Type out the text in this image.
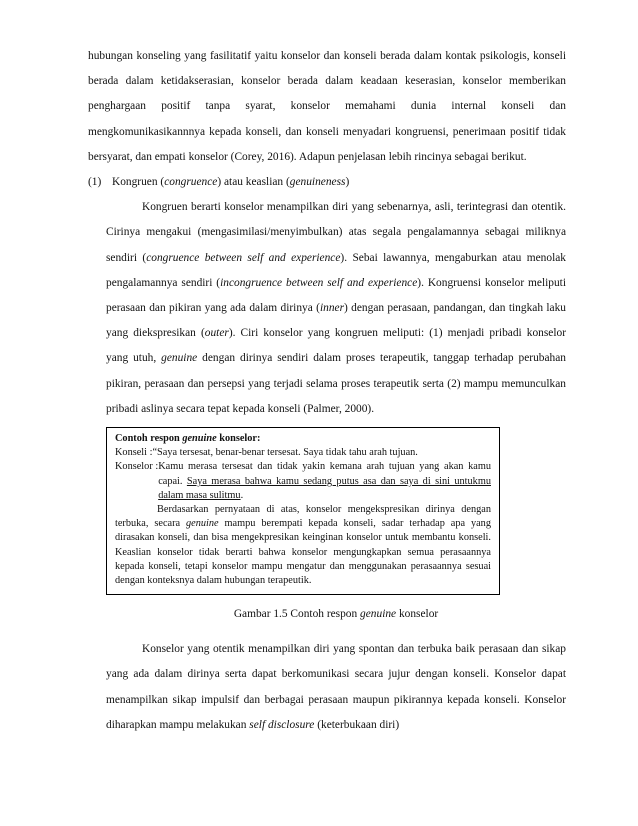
hubungan konseling yang fasilitatif yaitu konselor dan konseli berada dalam kontak psikologis, konseli berada dalam ketidakserasian, konselor berada dalam keadaan keserasian, konselor memberikan penghargaan positif tanpa syarat, konselor memahami dunia internal konseli dan mengkomunikasikannnya kepada konseli, dan konseli menyadari kongruensi, penerimaan positif tidak bersyarat, dan empati konselor (Corey, 2016). Adapun penjelasan lebih rincinya sebagai berikut.

(1) Kongruen (congruence) atau keaslian (genuineness)

Kongruen berarti konselor menampilkan diri yang sebenarnya, asli, terintegrasi dan otentik. Cirinya mengakui (mengasimilasi/menyimbulkan) atas segala pengalamannya sebagai miliknya sendiri (congruence between self and experience). Sebai lawannya, mengaburkan atau menolak pengalamannya sendiri (incongruence between self and experience). Kongruensi konselor meliputi perasaan dan pikiran yang ada dalam dirinya (inner) dengan perasaan, pandangan, dan tingkah laku yang diekspresikan (outer). Ciri konselor yang kongruen meliputi: (1) menjadi pribadi konselor yang utuh, genuine dengan dirinya sendiri dalam proses terapeutik, tanggap terhadap perubahan pikiran, perasaan dan persepsi yang terjadi selama proses terapeutik serta (2) mampu memunculkan pribadi aslinya secara tepat kepada konseli (Palmer, 2000).

Contoh respon genuine konselor:
Konseli : “Saya tersesat, benar-benar tersesat. Saya tidak tahu arah tujuan.
Konselor : Kamu merasa tersesat dan tidak yakin kemana arah tujuan yang akan kamu capai. Saya merasa bahwa kamu sedang putus asa dan saya di sini untukmu dalam masa sulitmu.

Berdasarkan pernyataan di atas, konselor mengekspresikan dirinya dengan terbuka, secara genuine mampu berempati kepada konseli, sadar terhadap apa yang dirasakan konseli, dan bisa mengekpresikan keinginan konselor untuk membantu konseli. Keaslian konselor tidak berarti bahwa konselor mengungkapkan semua perasaannya kepada konseli, tetapi konselor mampu mengatur dan menggunakan perasaannya sesuai dengan konteksnya dalam hubungan terapeutik.

Gambar 1.5 Contoh respon genuine konselor

Konselor yang otentik menampilkan diri yang spontan dan terbuka baik perasaan dan sikap yang ada dalam dirinya serta dapat berkomunikasi secara jujur dengan konseli. Konselor dapat menampilkan sikap impulsif dan berbagai perasaan maupun pikirannya kepada konseli. Konselor diharapkan mampu melakukan self disclosure (keterbukaan diri)
